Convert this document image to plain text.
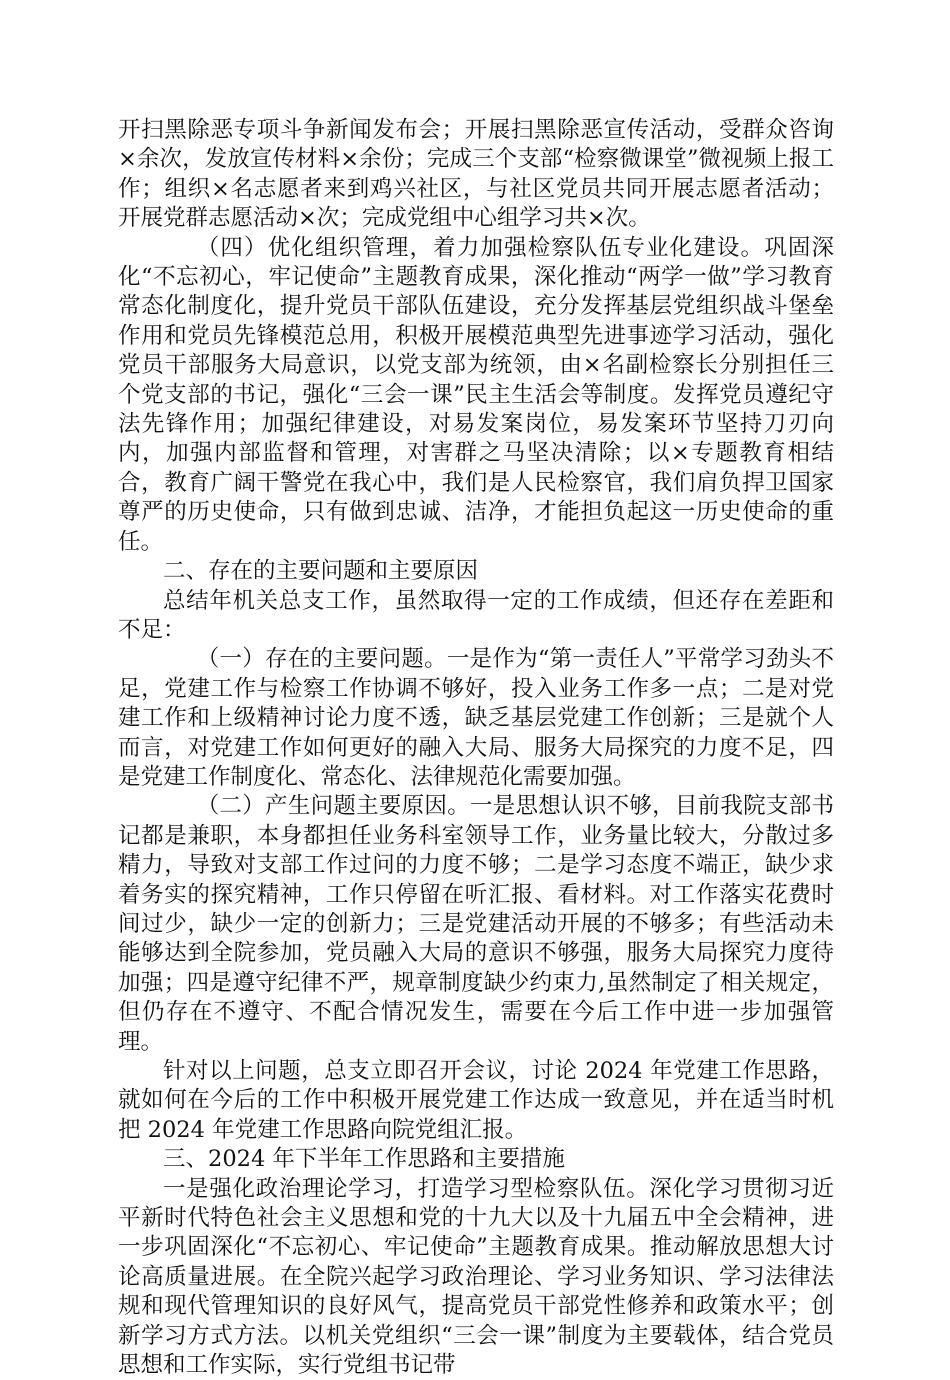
开扫黑除恶专项斗争新闻发布会；开展扫黑除恶宣传活动，受群众咨询×余次，发放宣传材料×余份；完成三个支部“检察微课堂”微视频上报工作；组织×名志愿者来到鸡兴社区，与社区党员共同开展志愿者活动；开展党群志愿活动×次；完成党组中心组学习共×次。

（四）优化组织管理，着力加强检察队伍专业化建设。巩固深化“不忘初心，牢记使命”主题教育成果，深化推动“两学一做”学习教育常态化制度化，提升党员干部队伍建设，充分发挥基层党组织战斗堡垒作用和党员先锋模范总用，积极开展模范典型先进事迹学习活动，强化党员干部服务大局意识，以党支部为统领，由×名副检察长分别担任三个党支部的书记，强化“三会一课”民主生活会等制度。发挥党员遵纪守法先锋作用；加强纪律建设，对易发案岗位，易发案环节坚持刀刃向内，加强内部监督和管理，对害群之马坚决清除；以×专题教育相结合，教育广阔干警党在我心中，我们是人民检察官，我们肩负捍卫国家尊严的历史使命，只有做到忠诚、洁净，才能担负起这一历史使命的重任。

二、存在的主要问题和主要原因

总结年机关总支工作，虽然取得一定的工作成绩，但还存在差距和不足：

（一）存在的主要问题。一是作为“第一责任人”平常学习劲头不足，党建工作与检察工作协调不够好，投入业务工作多一点；二是对党建工作和上级精神讨论力度不透，缺乏基层党建工作创新；三是就个人而言，对党建工作如何更好的融入大局、服务大局探究的力度不足，四是党建工作制度化、常态化、法律规范化需要加强。

（二）产生问题主要原因。一是思想认识不够，目前我院支部书记都是兼职，本身都担任业务科室领导工作，业务量比较大，分散过多精力，导致对支部工作过问的力度不够；二是学习态度不端正，缺少求着务实的探究精神，工作只停留在听汇报、看材料。对工作落实花费时间过少，缺少一定的创新力；三是党建活动开展的不够多；有些活动未能够达到全院参加，党员融入大局的意识不够强，服务大局探究力度待加强；四是遵守纪律不严，规章制度缺少约束力,虽然制定了相关规定，但仍存在不遵守、不配合情况发生，需要在今后工作中进一步加强管理。

针对以上问题，总支立即召开会议，讨论 2024 年党建工作思路，就如何在今后的工作中积极开展党建工作达成一致意见，并在适当时机把 2024 年党建工作思路向院党组汇报。

三、2024 年下半年工作思路和主要措施

一是强化政治理论学习，打造学习型检察队伍。深化学习贯彻习近平新时代特色社会主义思想和党的十九大以及十九届五中全会精神，进一步巩固深化“不忘初心、牢记使命”主题教育成果。推动解放思想大讨论高质量进展。在全院兴起学习政治理论、学习业务知识、学习法律法规和现代管理知识的良好风气，提高党员干部党性修养和政策水平；创新学习方式方法。以机关党组织“三会一课”制度为主要载体，结合党员思想和工作实际，实行党组书记带
